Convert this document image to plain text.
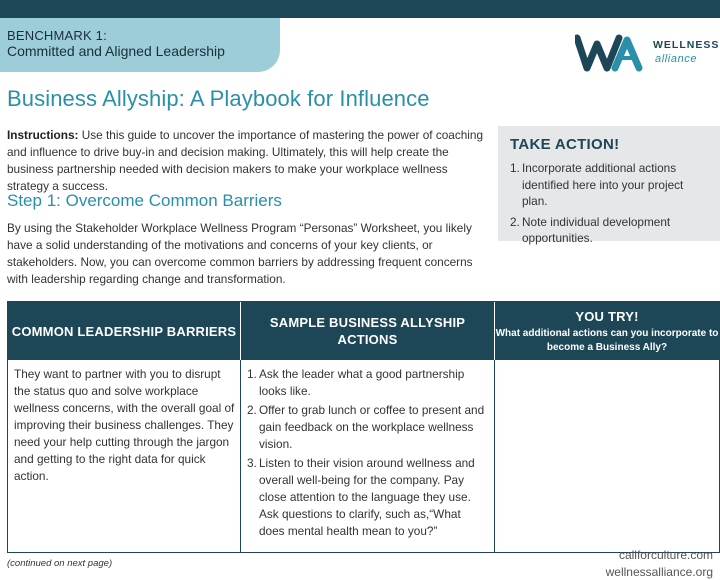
BENCHMARK 1:
Committed and Aligned Leadership	WELLNESS
alliance
Business Allyship: A Playbook for Influence
Instructions: Use this guide to uncover the importance of mastering the power of coaching and influence to drive buy-in and decision making. Ultimately, this will help create the business partnership needed with decision makers to make your workplace wellness strategy a success.
Step 1: Overcome Common Barriers
By using the Stakeholder Workplace Wellness Program “Personas” Worksheet, you likely have a solid understanding of the motivations and concerns of your key clients, or stakeholders. Now, you can overcome common barriers by addressing frequent concerns with leadership regarding change and transformation.
TAKE ACTION!
1. Incorporate additional actions identified here into your project plan.
2. Note individual development opportunities.
COMMON LEADERSHIP BARRIERS
SAMPLE BUSINESS ALLYSHIP ACTIONS
YOU TRY!
What additional actions can you incorporate to become a Business Ally?
They want to partner with you to disrupt the status quo and solve workplace wellness concerns, with the overall goal of improving their business challenges. They need your help cutting through the jargon and getting to the right data for quick action.
1. Ask the leader what a good partnership looks like.
2. Offer to grab lunch or coffee to present and gain feedback on the workplace wellness vision.
3. Listen to their vision around wellness and overall well-being for the company. Pay close attention to the language they use. Ask questions to clarify, such as,“What does mental health mean to you?”
(continued on next page)
callforculture.com
wellnessalliance.org
